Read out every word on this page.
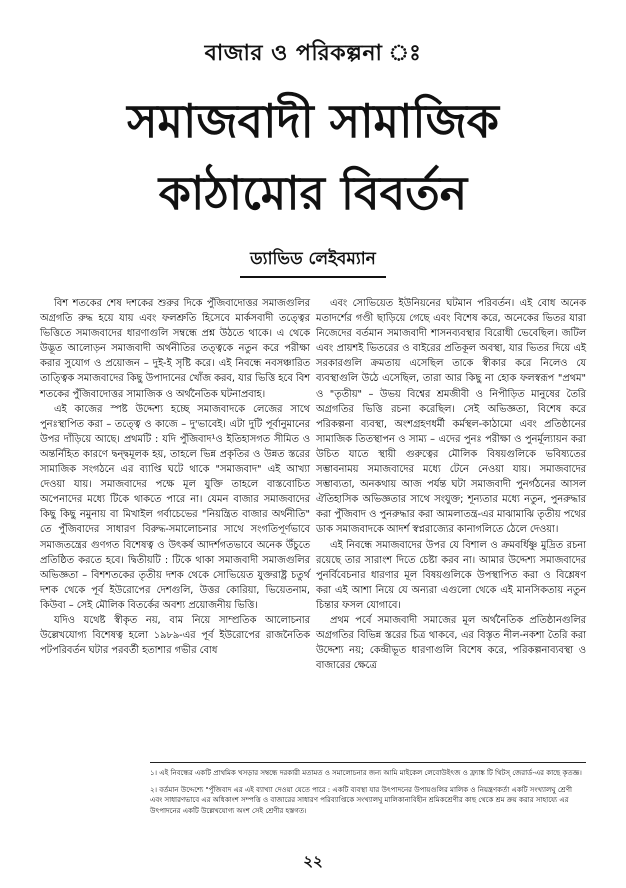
বাজার ও পরিকল্পনা ঃ
সমাজবাদী সামাজিক
কাঠামোর বিবর্তন
ড্যাভিড লেইবম্যান

বিশ শতকের শেষ দশকের শুরুর দিকে পুঁজিবাদোত্তর সমাজগুলির অগ্রগতি রুদ্ধ হয়ে যায় এবং ফলশ্রুতি হিসেবে মার্কসবাদী তত্ত্বের ভিত্তিতে সমাজবাদের ধারণাগুলি সম্বন্ধে প্রশ্ন উঠতে থাকে। এ থেকে উদ্ভূত আলোড়ন সমাজবাদী অর্থনীতির তত্ত্বকে নতুন করে পরীক্ষা করার সুযোগ ও প্রয়োজন – দুই-ই সৃষ্টি করে। এই নিবন্ধে নবসঞ্চারিত তাত্ত্বিক সমাজবাদের কিছু উপাদানের খোঁজ করব, যার ভিত্তি হবে বিশ শতকের পুঁজিবাদোত্তর সামাজিক ও অর্থনৈতিক ঘটনাপ্রবাহ।

এই কাজের স্পষ্ট উদ্দেশ্য হচ্ছে সমাজবাদকে লেজের সাথে পুনঃস্থাপিত করা – তত্ত্বে ও কাজে – দু'ভাবেই। এটা দুটি পূর্বানুমানের উপর দাঁড়িয়ে আছে। প্রথমটি : যদি পুঁজিবাদ¹ও ইতিহাসগত সীমিত ও অন্তর্নিহিত কারণে দ্বন্দ্বমূলক হয়, তাহলে ভিন্ন প্রকৃতির ও উন্নত স্তরের সামাজিক সংগঠনে এর ব্যাপ্তি ঘটে থাকে "সমাজবাদ" এই আখ্যা দেওয়া যায়। সমাজবাদের পক্ষে মূল যুক্তি তাহলে বাস্তবোচিত অপেনাদের মধ্যে টিকে থাকতে পারে না। যেমন বাজার সমাজবাদের কিছু কিছু নমুনায় বা মিখাইল গর্বাচেভের "নিয়ন্ত্রিত বাজার অর্থনীতি" তে পুঁজিবাদের সাধারণ বিরুদ্ধ-সমালোচনার সাথে সংগতিপূর্ণভাবে সমাজতন্ত্রের গুণগত বিশেষত্ব ও উৎকর্ষ আদর্শগতভাবে অনেক উঁচুতে প্রতিষ্ঠিত করতে হবে। দ্বিতীয়টি : টিকে থাকা সমাজবাদী সমাজগুলির অভিজ্ঞতা – বিশশতকের তৃতীয় দশক থেকে সোভিয়েত যুক্তরাষ্ট্র চতুর্থ দশক থেকে পূর্ব ইউরোপের দেশগুলি, উত্তর কোরিয়া, ভিয়েতনাম, কিউবা – সেই মৌলিক বিতর্কের অবশ্য প্রয়োজনীয় ভিত্তি।

যদিও যথেষ্ট স্বীকৃত নয়, বাম নিয়ে সাম্প্রতিক আলোচনার উল্লেখযোগ্য বিশেষত্ব হলো ১৯৮৯-এর পূর্ব ইউরোপের রাজনৈতিক পটপরিবর্তন ঘটার পরবর্তী হতাশার গভীর বোধ

এবং সোভিয়েত ইউনিয়নের ঘটমান পরিবর্তন। এই বোধ অনেক মতাদর্শের গণ্ডী ছাড়িয়ে গেছে এবং বিশেষ করে, অনেকের ভিতর যারা নিজেদের বর্তমান সমাজবাদী শাসনব্যবস্থার বিরোধী ভেবেছিল। জটিল এবং প্রায়শই ভিতরের ও বাইরের প্রতিকূল অবস্থা, যার ভিতর দিয়ে এই সরকারগুলি ক্রমতায় এসেছিল তাকে স্বীকার করে নিলেও যে ব্যবস্থাগুলি উঠে এসেছিল, তারা আর কিছু না হোক ফলস্বরূপ "প্রথম" ও "তৃতীয়" – উভয় বিশ্বের শ্রমজীবী ও নিপীড়িত মানুষের তৈরি অগ্রগতির ভিত্তি রচনা করেছিল। সেই অভিজ্ঞতা, বিশেষ করে পরিকল্পনা ব্যবস্থা, অংশগ্রহণধর্মী কর্মস্থল-কাঠামো এবং প্রতিষ্ঠানের সামাজিক তিতস্থাপন ও সাম্য – এদের পুনঃ পরীক্ষা ও পুনর্মূল্যায়ন করা উচিত যাতে স্থায়ী গুরুত্বের মৌলিক বিষয়গুলিকে ভবিষ্যতের সম্ভাবনাময় সমাজবাদের মধ্যে টেনে নেওয়া যায়। সমাজবাদের সম্ভাব্যতা, অনকথায় আজ পর্যন্ত ঘটা সমাজবাদী পুনর্গঠনের আসল ঐতিহাসিক অভিজ্ঞতার সাথে সংযুক্ত; শূন্যতার মধ্যে নতুন, পুনরুদ্ধার করা পুঁজিবাদ ও পুনরুদ্ধার করা আমলাতন্ত্র-এর মাঝামাঝি তৃতীয় পথের ডাক সমাজবাদকে আদর্শ স্বপ্নরাজ্যের কানাগলিতে ঠেলে দেওয়া।

এই নিবন্ধে সমাজবাদের উপর যে বিশাল ও ক্রমবর্ধিষ্ণু মুদ্রিত রচনা রয়েছে তার সারাংশ দিতে চেষ্টা করব না। আমার উদ্দেশ্য সমাজবাদের পুনর্বিবেচনার ধারণার মূল বিষয়গুলিকে উপস্থাপিত করা ও বিশ্লেষণ করা এই আশা নিয়ে যে অন্যরা এগুলো থেকে এই মানসিকতায় নতুন চিন্তার ফসল যোগাবে।

প্রথম পর্বে সমাজবাদী সমাজের মূল অর্থনৈতিক প্রতিষ্ঠানগুলির অগ্রগতির বিভিন্ন স্তরের চিত্র থাকবে, এর বিস্তৃত নীল-নকশা তৈরি করা উদ্দেশ্য নয়; কেন্দ্রীভূত ধারণাগুলি বিশেষ করে, পরিকল্পনাব্যবস্থা ও বাজারের ক্ষেত্রে

১। এই নিবন্ধের একটি প্রাথমিক খসড়ার সম্বন্ধে দরকারী মতামত ও সমালোচনার জন্য আমি মাইকেল লেবোউইৎজ ও ফ্র্যাঙ্ক টি থিটস্ জেরার্ড-এর কাছে কৃতজ্ঞ।

২। বর্তমান উদ্দেশ্যে "পুঁজিবাদ এর এই ব্যাখ্যা দেওয়া যেতে পারে : একটি ব্যবস্থা যার উৎপাদনের উপায়গুলির মালিক ও নিয়ন্ত্রণকর্তা একটি সংখ্যালঘু শ্রেণী এবং সাধারণভাবে এর অধিকাংশ সম্পত্তি ও বাজারের সাধারণ পরিব্যাপ্তিকে সংখ্যালঘু মালিকানাবিহীন শ্রমিকশ্রেণীর কাছ থেকে শ্রম ক্রয় করার সাহায্যে এর উৎপাদনের একটি উল্লেখযোগ্য অংশ সেই শ্রেণীর হস্তগত।

২২
